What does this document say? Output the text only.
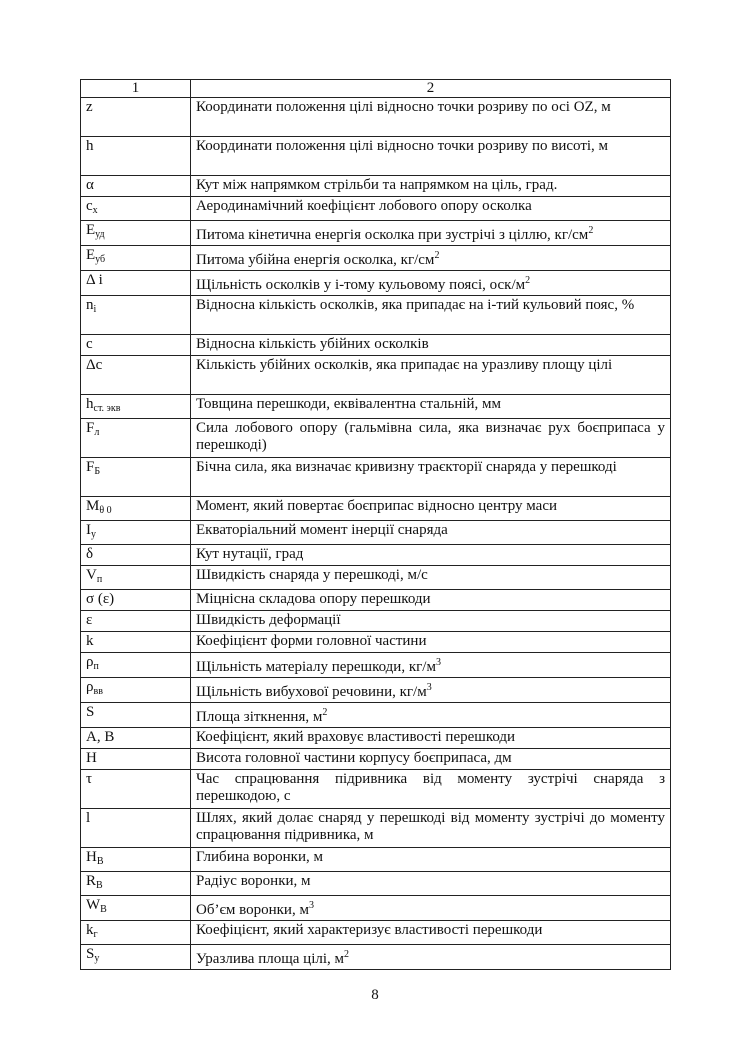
1	2
z	Координати положення цілі відносно точки розриву по осі OZ, м
h	Координати положення цілі відносно точки розриву по висоті, м
α	Кут між напрямком стрільби та напрямком на ціль, град.
$c_x$	Аеродинамічний коефіцієнт лобового опору осколка
$E_{уд}$	Питома кінетична енергія осколка при зустрічі з ціллю, $кг/см^2$
$E_{уб}$	Питома убійна енергія осколка, $кг/см^2$
Δ i	Щільність осколків у і-тому кульовому поясі, оск/$м^2$
$n_i$	Відносна кількість осколків, яка припадає на і-тий кульовий пояс, %
c	Відносна кількість убійних осколків
Δc	Кількість убійних осколків, яка припадає на уразливу площу цілі
$h_{ст. экв}$	Товщина перешкоди, еквівалентна стальній, мм
$F_л$	Сила лобового опору (гальмівна сила, яка визначає рух боєприпаса у перешкоді)
$F_Б$	Бічна сила, яка визначає кривизну траєкторії снаряда у перешкоді
$M_{\theta 0}$	Момент, який повертає боєприпас відносно центру маси
$I_y$	Екваторіальний момент інерції снаряда
δ	Кут нутації, град
$V_п$	Швидкість снаряда у перешкоді, м/с
σ (ε)	Міцнісна складова опору перешкоди
ε	Швидкість деформації
k	Коефіцієнт форми головної частини
$\rho_п$	Щільність матеріалу перешкоди, $кг/м^3$
$\rho_{вв}$	Щільність вибухової речовини, $кг/м^3$
S	Площа зіткнення, $м^2$
A, B	Коефіцієнт, який враховує властивості перешкоди
H	Висота головної частини корпусу боєприпаса, дм
τ	Час спрацювання підривника від моменту зустрічі снаряда з перешкодою, с
l	Шлях, який долає снаряд у перешкоді від моменту зустрічі до моменту спрацювання підривника, м
$H_В$	Глибина воронки, м
$R_В$	Радіус воронки, м
$W_В$	Об’єм воронки, $м^3$
$k_г$	Коефіцієнт, який характеризує властивості перешкоди
$S_y$	Уразлива площа цілі, $м^2$
8
